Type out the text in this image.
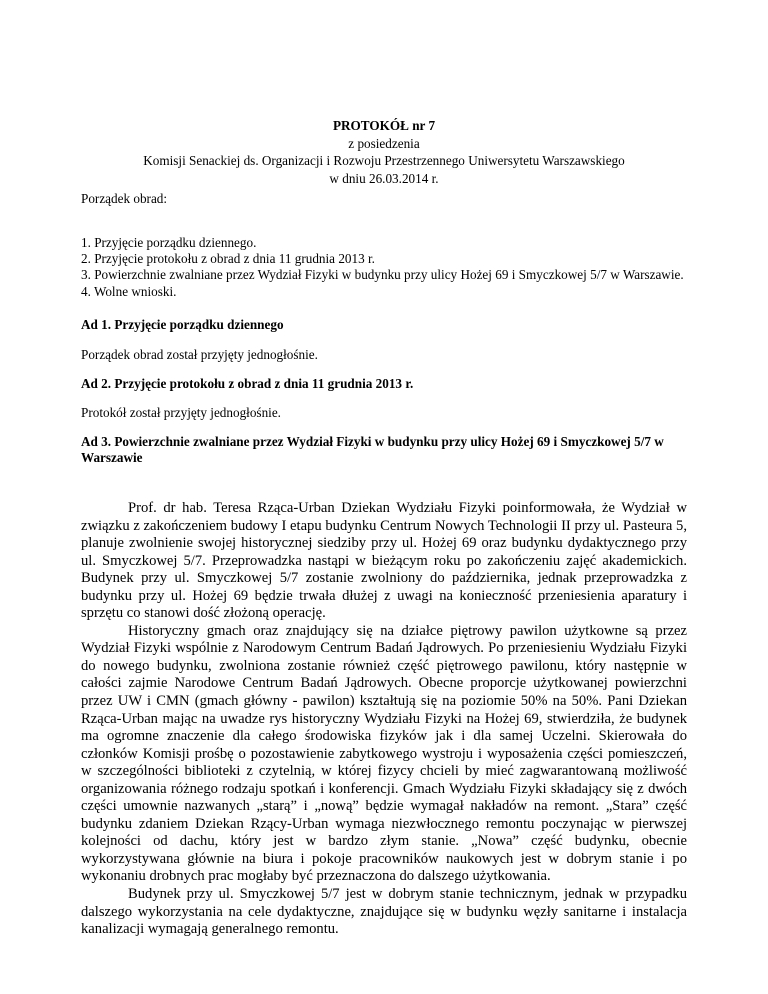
PROTOKÓŁ nr 7
z posiedzenia
Komisji Senackiej ds. Organizacji i Rozwoju Przestrzennego Uniwersytetu Warszawskiego
w dniu 26.03.2014 r.
Porządek obrad:
1. Przyjęcie porządku dziennego.
2. Przyjęcie protokołu z obrad z dnia 11 grudnia 2013 r.
3. Powierzchnie zwalniane przez Wydział Fizyki w budynku przy ulicy Hożej 69 i Smyczkowej 5/7 w Warszawie.
4. Wolne wnioski.
Ad 1. Przyjęcie porządku dziennego
Porządek obrad został przyjęty jednogłośnie.
Ad 2. Przyjęcie protokołu z obrad z dnia 11 grudnia 2013 r.
Protokół został przyjęty jednogłośnie.
Ad 3. Powierzchnie zwalniane przez Wydział Fizyki w budynku przy ulicy Hożej 69 i Smyczkowej 5/7 w Warszawie

Prof. dr hab. Teresa Rząca-Urban Dziekan Wydziału Fizyki poinformowała, że Wydział w związku z zakończeniem budowy I etapu budynku Centrum Nowych Technologii II przy ul. Pasteura 5, planuje zwolnienie swojej historycznej siedziby przy ul. Hożej 69 oraz budynku dydaktycznego przy ul. Smyczkowej 5/7. Przeprowadzka nastąpi w bieżącym roku po zakończeniu zajęć akademickich. Budynek przy ul. Smyczkowej 5/7 zostanie zwolniony do października, jednak przeprowadzka z budynku przy ul. Hożej 69 będzie trwała dłużej z uwagi na konieczność przeniesienia aparatury i sprzętu co stanowi dość złożoną operację.

Historyczny gmach oraz znajdujący się na działce piętrowy pawilon użytkowne są przez Wydział Fizyki wspólnie z Narodowym Centrum Badań Jądrowych. Po przeniesieniu Wydziału Fizyki do nowego budynku, zwolniona zostanie również część piętrowego pawilonu, który następnie w całości zajmie Narodowe Centrum Badań Jądrowych. Obecne proporcje użytkowanej powierzchni przez UW i CMN (gmach główny - pawilon) kształtują się na poziomie 50% na 50%. Pani Dziekan Rząca-Urban mając na uwadze rys historyczny Wydziału Fizyki na Hożej 69, stwierdziła, że budynek ma ogromne znaczenie dla całego środowiska fizyków jak i dla samej Uczelni. Skierowała do członków Komisji prośbę o pozostawienie zabytkowego wystroju i wyposażenia części pomieszczeń, w szczególności biblioteki z czytelnią, w której fizycy chcieli by mieć zagwarantowaną możliwość organizowania różnego rodzaju spotkań i konferencji. Gmach Wydziału Fizyki składający się z dwóch części umownie nazwanych „starą” i „nową” będzie wymagał nakładów na remont. „Stara” część budynku zdaniem Dziekan Rzący-Urban wymaga niezwłocznego remontu poczynając w pierwszej kolejności od dachu, który jest w bardzo złym stanie. „Nowa” część budynku, obecnie wykorzystywana głównie na biura i pokoje pracowników naukowych jest w dobrym stanie i po wykonaniu drobnych prac mogłaby być przeznaczona do dalszego użytkowania.

Budynek przy ul. Smyczkowej 5/7 jest w dobrym stanie technicznym, jednak w przypadku dalszego wykorzystania na cele dydaktyczne, znajdujące się w budynku węzły sanitarne i instalacja kanalizacji wymagają generalnego remontu.
